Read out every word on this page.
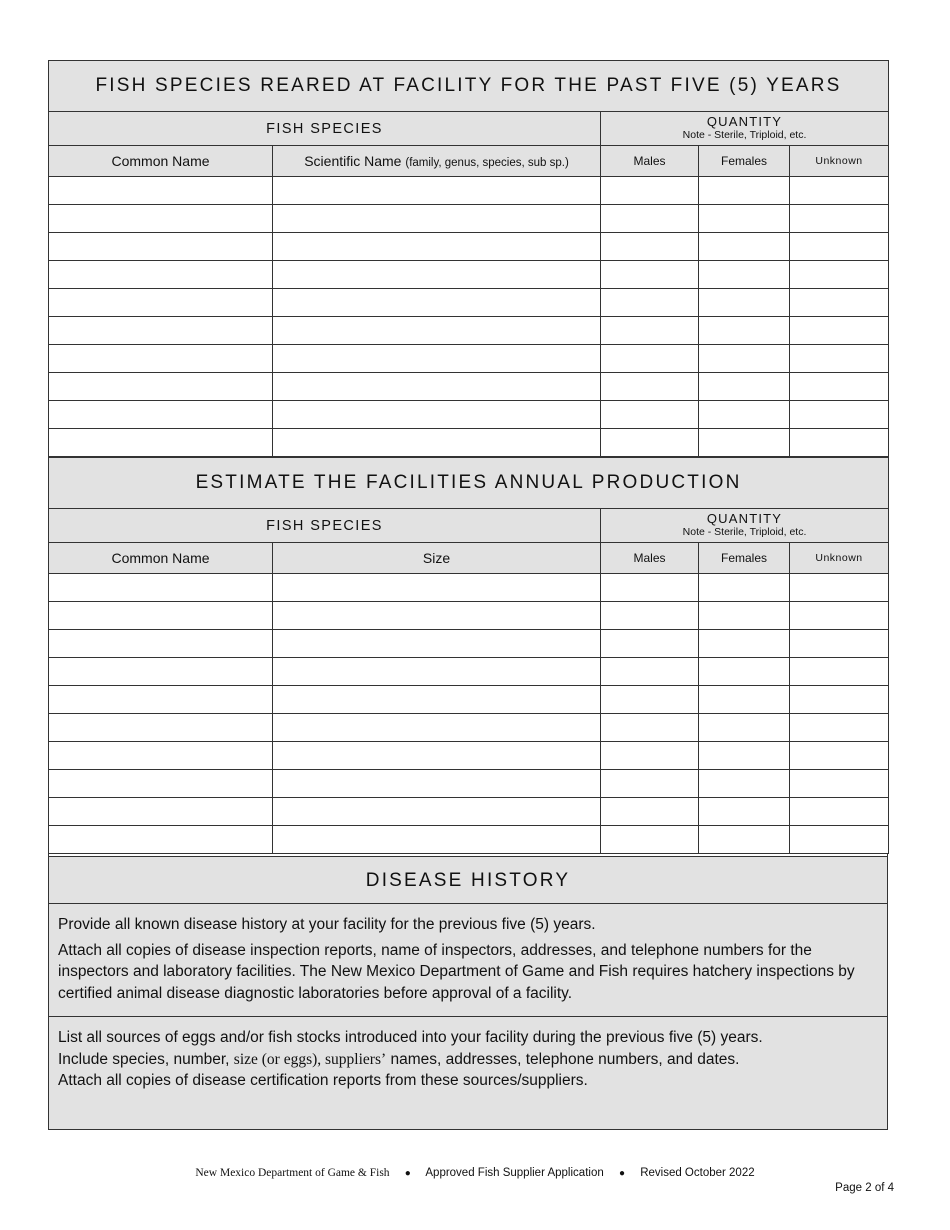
FISH SPECIES REARED AT FACILITY FOR THE PAST FIVE (5) YEARS				
FISH SPECIES		QUANTITY
Note - Sterile, Triploid, etc.		

Common Name	Scientific Name (family, genus, species, sub sp.)	Males	Females	Unknown

ESTIMATE THE FACILITIES ANNUAL PRODUCTION				
FISH SPECIES		QUANTITY
Note - Sterile, Triploid, etc.		

Common Name	Size	Males	Females	Unknown

DISEASE HISTORY

Provide all known disease history at your facility for the previous five (5) years.

Attach all copies of disease inspection reports, name of inspectors, addresses, and telephone numbers for the inspectors and laboratory facilities. The New Mexico Department of Game and Fish requires hatchery inspections by certified animal disease diagnostic laboratories before approval of a facility.

List all sources of eggs and/or fish stocks introduced into your facility during the previous five (5) years.
Include species, number, size (or eggs), suppliers’ names, addresses, telephone numbers, and dates.
Attach all copies of disease certification reports from these sources/suppliers.
New Mexico Department of Game & Fish ● Approved Fish Supplier Application ● Revised October 2022
Page 2 of 4
